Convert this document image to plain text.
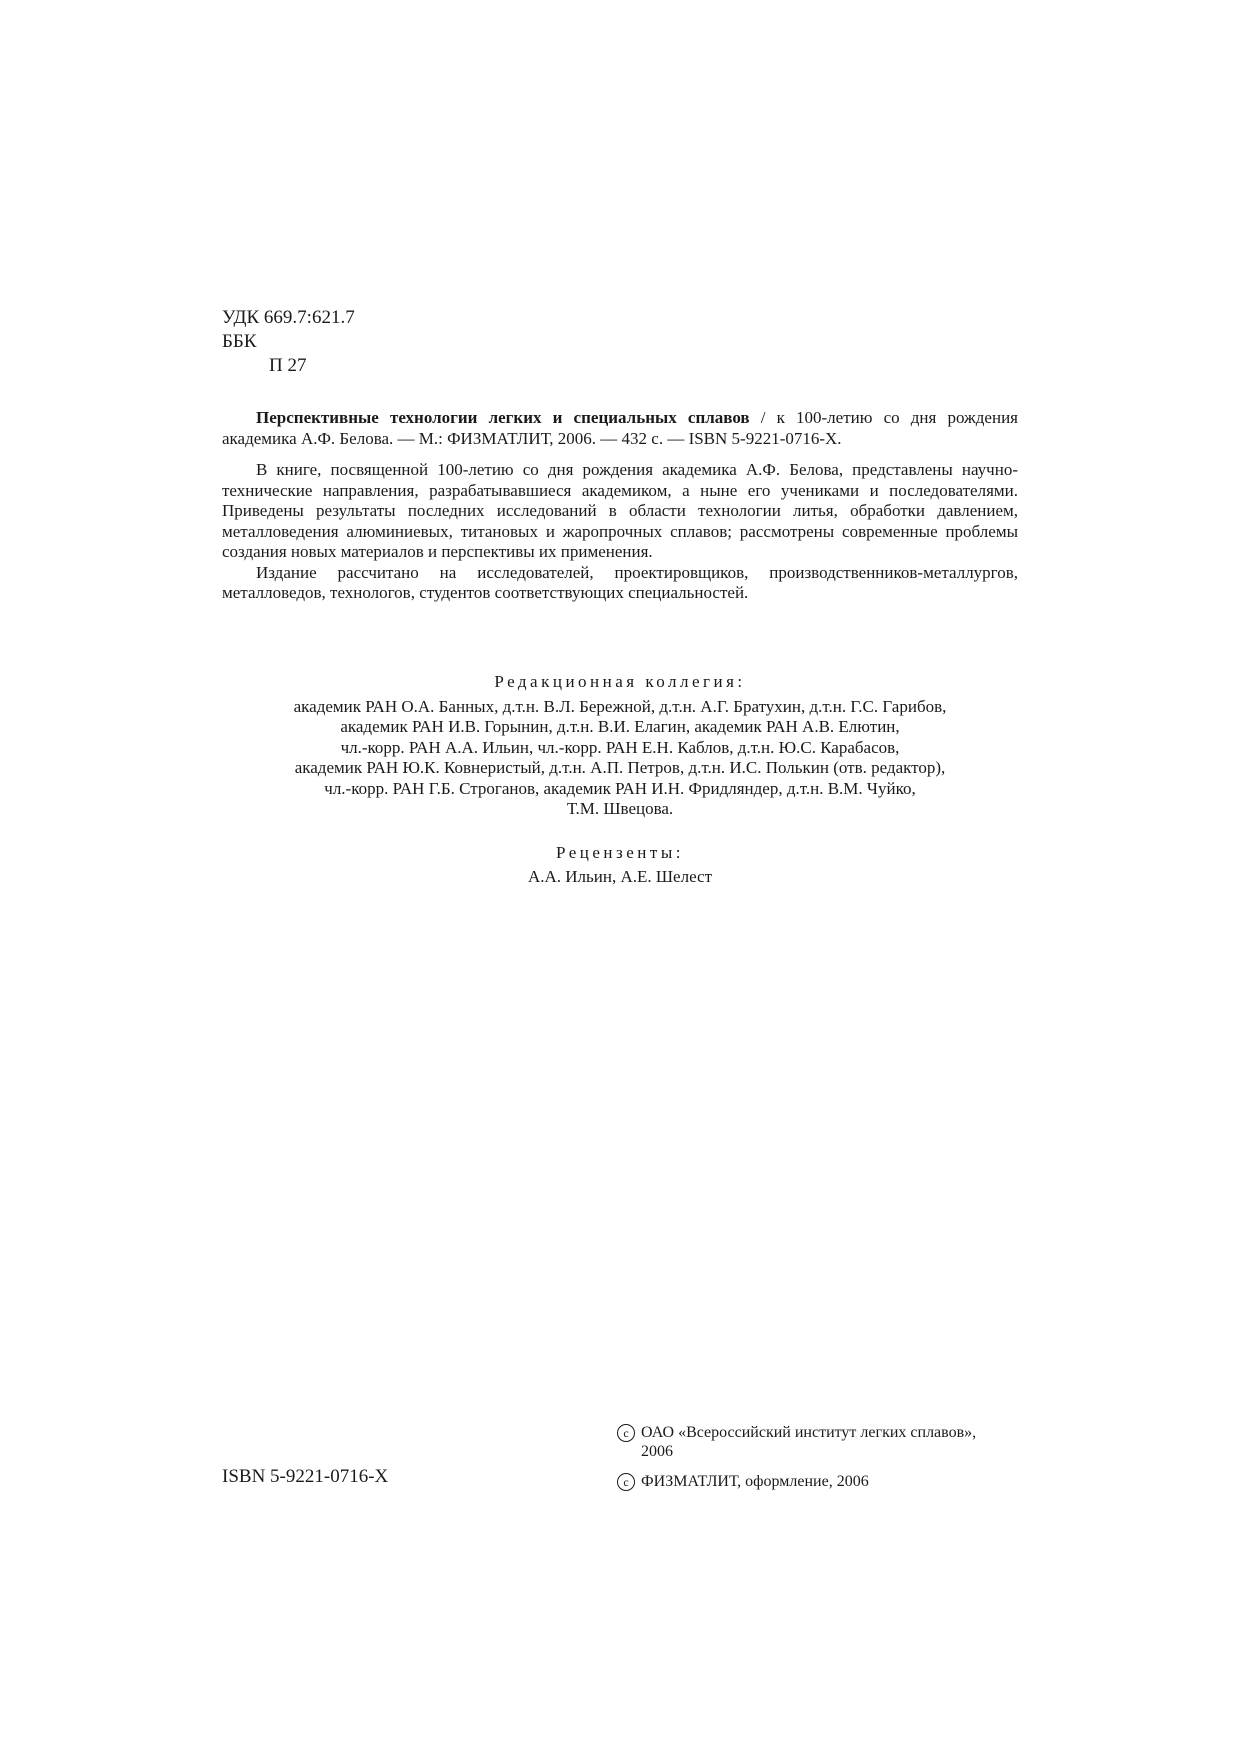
УДК 669.7:621.7
ББК
П 27

Перспективные технологии легких и специальных сплавов / к 100-летию со дня рождения академика А.Ф. Белова. — М.: ФИЗМАТЛИТ, 2006. — 432 с. — ISBN 5-9221-0716-X.

В книге, посвященной 100-летию со дня рождения академика А.Ф. Белова, представлены научно-технические направления, разрабатывавшиеся академиком, а ныне его учениками и последователями. Приведены результаты последних исследований в области технологии литья, обработки давлением, металловедения алюминиевых, титановых и жаропрочных сплавов; рассмотрены современные проблемы создания новых материалов и перспективы их применения.

Издание рассчитано на исследователей, проектировщиков, производственников-металлургов, металловедов, технологов, студентов соответствующих специальностей.

Редакционная коллегия:
академик РАН О.А. Банных, д.т.н. В.Л. Бережной, д.т.н. А.Г. Братухин, д.т.н. Г.С. Гарибов,
академик РАН И.В. Горынин, д.т.н. В.И. Елагин, академик РАН А.В. Елютин,
чл.-корр. РАН А.А. Ильин, чл.-корр. РАН Е.Н. Каблов, д.т.н. Ю.С. Карабасов,
академик РАН Ю.К. Ковнеристый, д.т.н. А.П. Петров, д.т.н. И.С. Полькин (отв. редактор),
чл.-корр. РАН Г.Б. Строганов, академик РАН И.Н. Фридляндер, д.т.н. В.М. Чуйко,
Т.М. Швецова.
Рецензенты:
А.А. Ильин, А.Е. Шелест
ISBN 5-9221-0716-X
c ОАО «Всероссийский институт легких сплавов»,
2006
c ФИЗМАТЛИТ, оформление, 2006
